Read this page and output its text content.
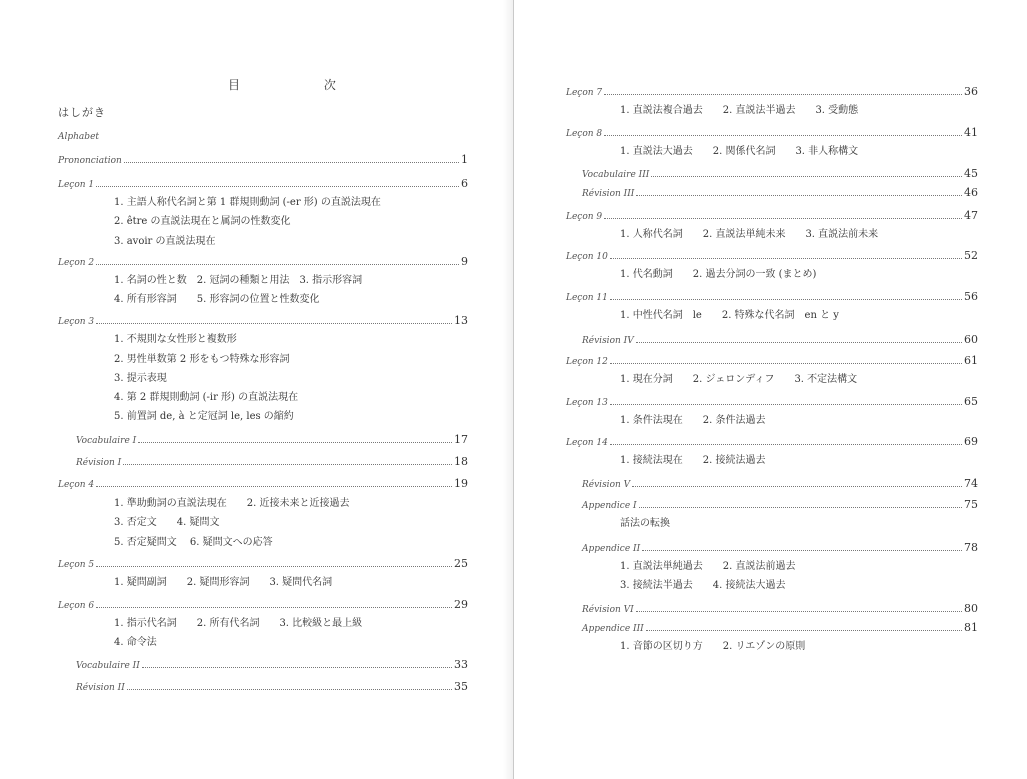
目 次
はしがき
Alphabet
Prononciation	1
Leçon 1	6
1. 主語人称代名詞と第 1 群規則動詞 (-er 形) の直説法現在
2. être の直説法現在と属詞の性数変化
3. avoir の直説法現在
Leçon 2	9
1. 名詞の性と数　2. 冠詞の種類と用法　3. 指示形容詞
4. 所有形容詞　　5. 形容詞の位置と性数変化
Leçon 3	13
1. 不規則な女性形と複数形
2. 男性単数第 2 形をもつ特殊な形容詞
3. 提示表現
4. 第 2 群規則動詞 (-ir 形) の直説法現在
5. 前置詞 de, à と定冠詞 le, les の縮約
Vocabulaire I	17
Révision I	18
Leçon 4	19
1. 準助動詞の直説法現在　　2. 近接未来と近接過去
3. 否定文　　4. 疑問文
5. 否定疑問文　 6. 疑問文への応答
Leçon 5	25
1. 疑問副詞　　2. 疑問形容詞　　3. 疑問代名詞
Leçon 6	29
1. 指示代名詞　　2. 所有代名詞　　3. 比較級と最上級
4. 命令法
Vocabulaire II	33
Révision II	35
Leçon 7	36
1. 直説法複合過去　　2. 直説法半過去　　3. 受動態
Leçon 8	41
1. 直説法大過去　　2. 関係代名詞　　3. 非人称構文
Vocabulaire III	45
Révision III	46
Leçon 9	47
1. 人称代名詞　　2. 直説法単純未来　　3. 直説法前未来
Leçon 10	52
1. 代名動詞　　2. 過去分詞の一致 (まとめ)
Leçon 11	56
1. 中性代名詞　le　　2. 特殊な代名詞　en と y
Révision IV	60
Leçon 12	61
1. 現在分詞　　2. ジェロンディフ　　3. 不定法構文
Leçon 13	65
1. 条件法現在　　2. 条件法過去
Leçon 14	69
1. 接続法現在　　2. 接続法過去
Révision V	74
Appendice I	75
話法の転換
Appendice II	78
1. 直説法単純過去　　2. 直説法前過去
3. 接続法半過去　　4. 接続法大過去
Révision VI	80
Appendice III	81
1. 音節の区切り方　　2. リエゾンの原則
